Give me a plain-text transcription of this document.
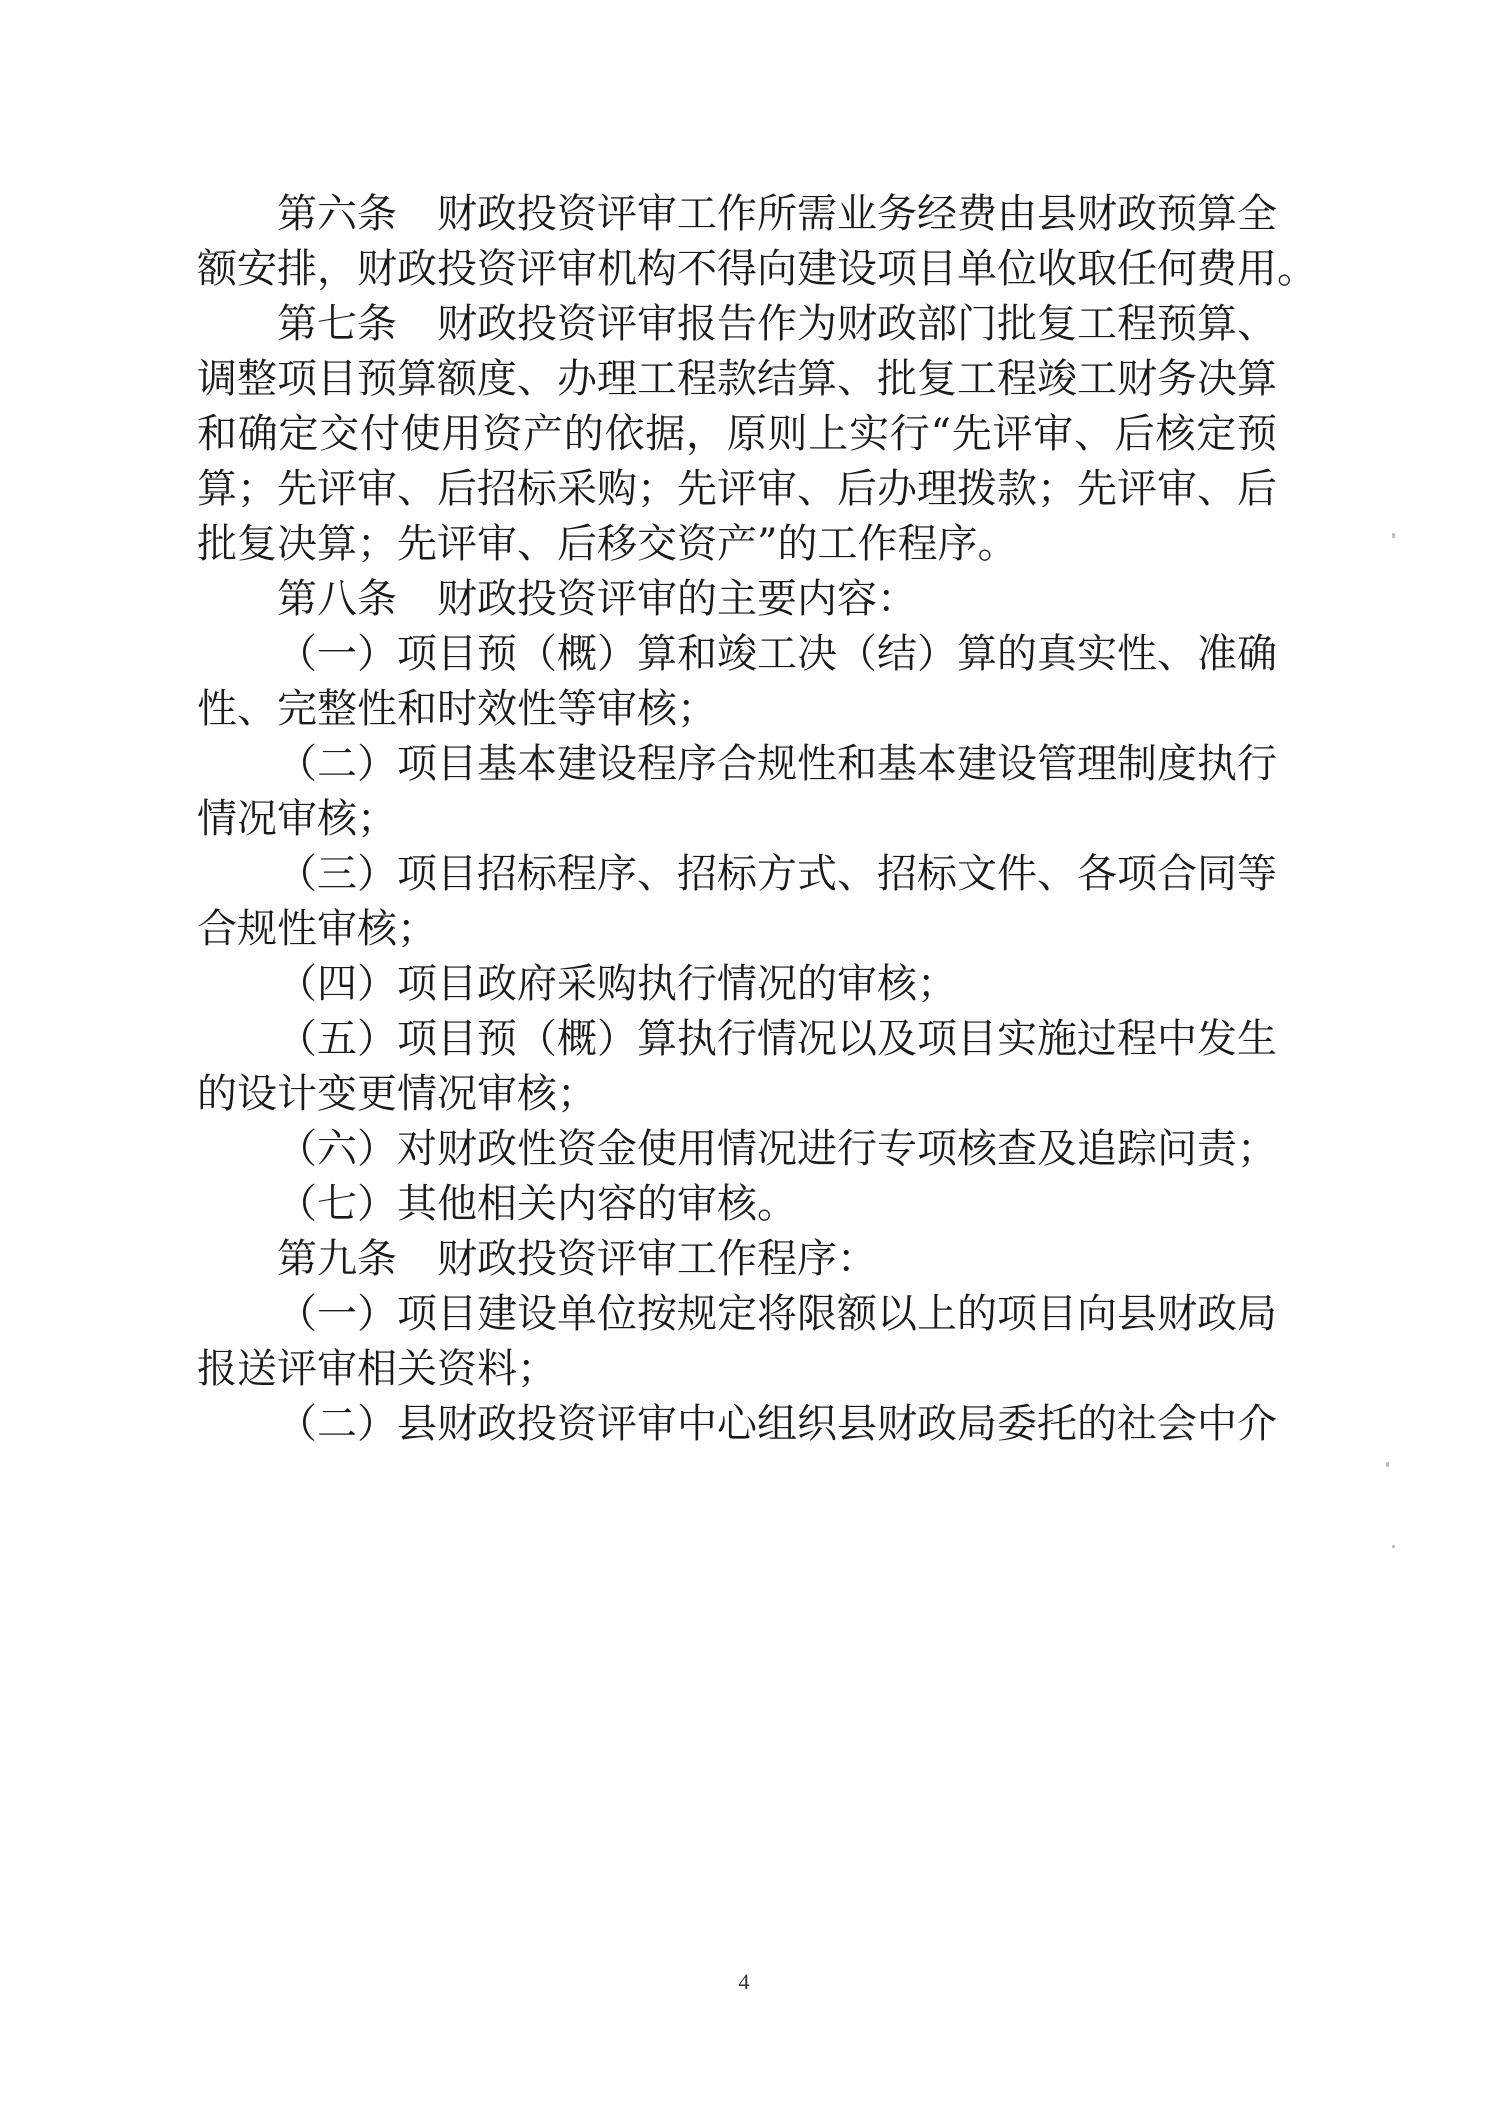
第六条　财政投资评审工作所需业务经费由县财政预算全
额安排，财政投资评审机构不得向建设项目单位收取任何费用。
第七条　财政投资评审报告作为财政部门批复工程预算、
调整项目预算额度、办理工程款结算、批复工程竣工财务决算
和确定交付使用资产的依据，原则上实行“先评审、后核定预
算；先评审、后招标采购；先评审、后办理拨款；先评审、后
批复决算；先评审、后移交资产”的工作程序。
第八条　财政投资评审的主要内容：
（一）项目预（概）算和竣工决（结）算的真实性、准确
性、完整性和时效性等审核；
（二）项目基本建设程序合规性和基本建设管理制度执行
情况审核；
（三）项目招标程序、招标方式、招标文件、各项合同等
合规性审核；
（四）项目政府采购执行情况的审核；
（五）项目预（概）算执行情况以及项目实施过程中发生
的设计变更情况审核；
（六）对财政性资金使用情况进行专项核查及追踪问责；
（七）其他相关内容的审核。
第九条　财政投资评审工作程序：
（一）项目建设单位按规定将限额以上的项目向县财政局
报送评审相关资料；
（二）县财政投资评审中心组织县财政局委托的社会中介
4
